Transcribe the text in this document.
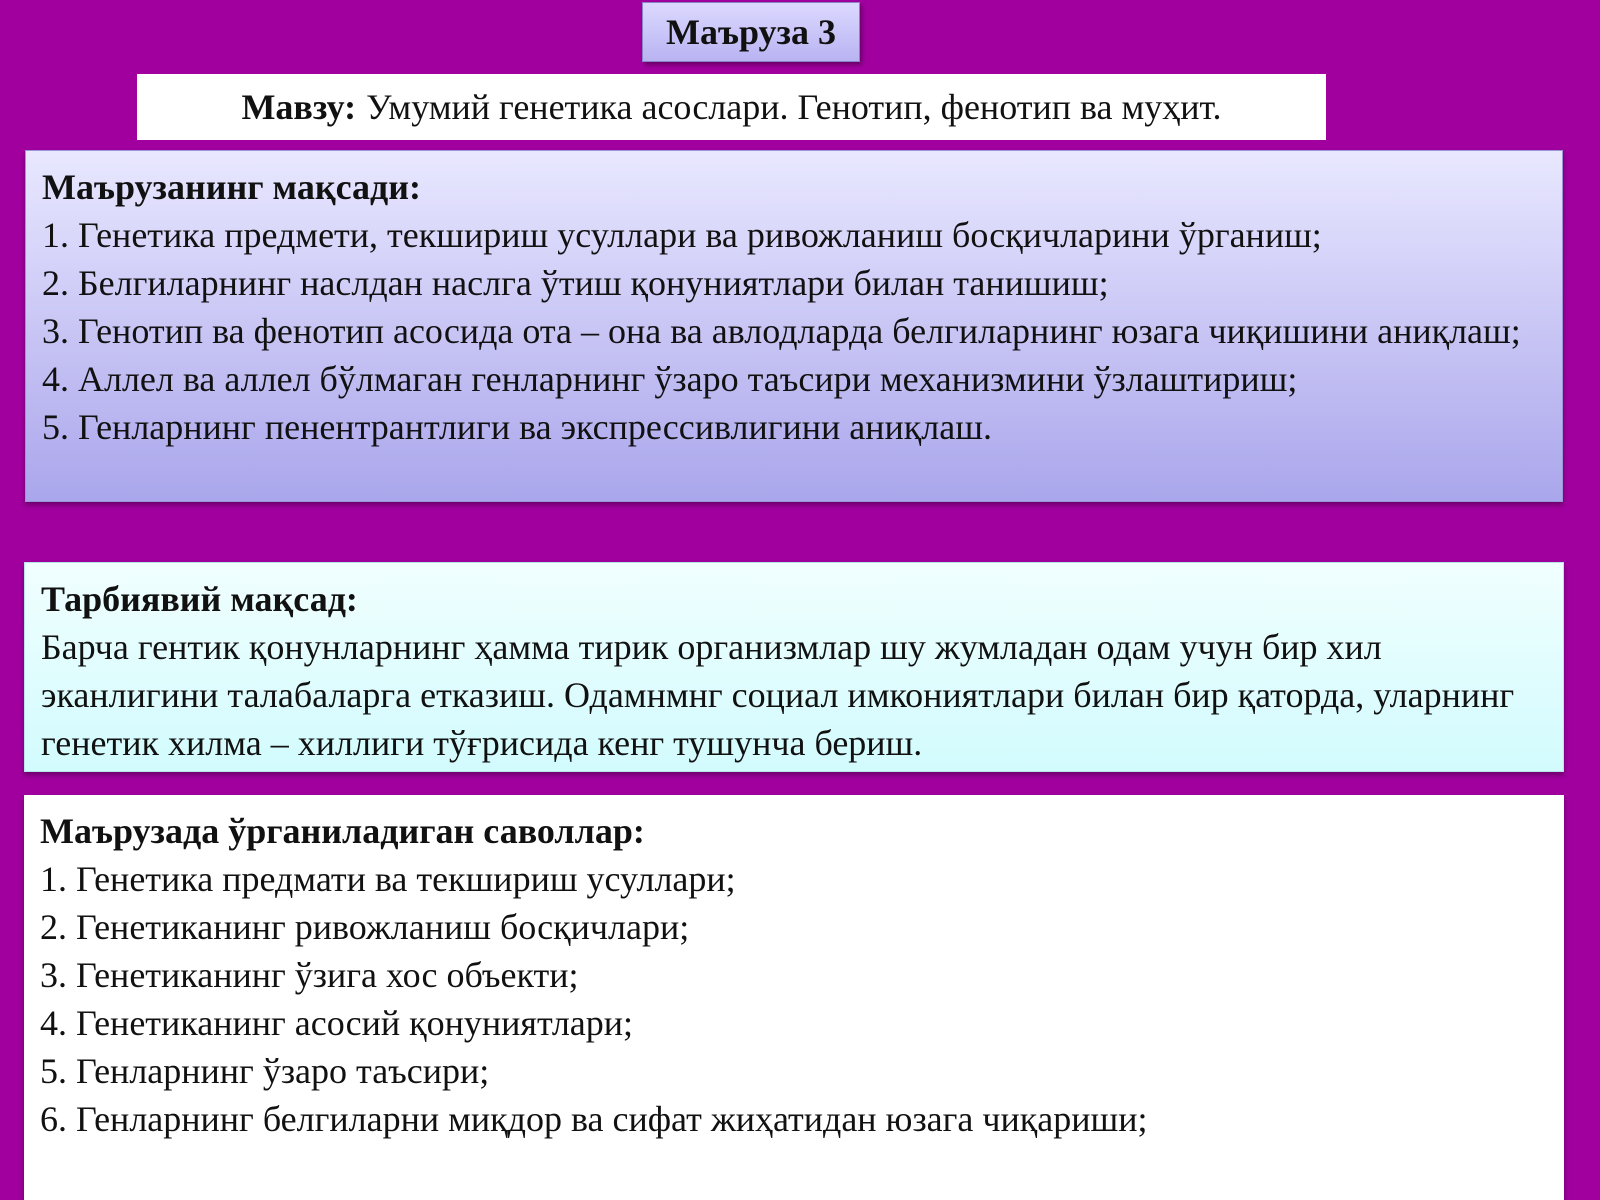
Маъруза 3
Мавзу: Умумий генетика асослари. Генотип, фенотип ва муҳит.
Маърузанинг мақсади:
1. Генетика предмети, текшириш усуллари ва ривожланиш босқичларини ўрганиш;
2. Белгиларнинг наслдан наслга ўтиш қонуниятлари билан танишиш;
3. Генотип ва фенотип асосида ота – она ва авлодларда белгиларнинг юзага чиқишини аниқлаш;
4. Аллел ва аллел бўлмаган генларнинг ўзаро таъсири механизмини ўзлаштириш;
5. Генларнинг пенентрантлиги ва экспрессивлигини аниқлаш.
Тарбиявий мақсад:
Барча гентик қонунларнинг ҳамма тирик организмлар шу жумладан одам учун бир хил эканлигини талабаларга етказиш. Одамнмнг социал имкониятлари билан бир қаторда, уларнинг генетик хилма – хиллиги тўғрисида кенг тушунча бериш.
Маърузада ўрганиладиган саволлар:
1. Генетика предмати ва текшириш усуллари;
2. Генетиканинг ривожланиш босқичлари;
3. Генетиканинг ўзига хос объекти;
4. Генетиканинг асосий қонуниятлари;
5. Генларнинг ўзаро таъсири;
6. Генларнинг белгиларни миқдор ва сифат жиҳатидан юзага чиқариши;
